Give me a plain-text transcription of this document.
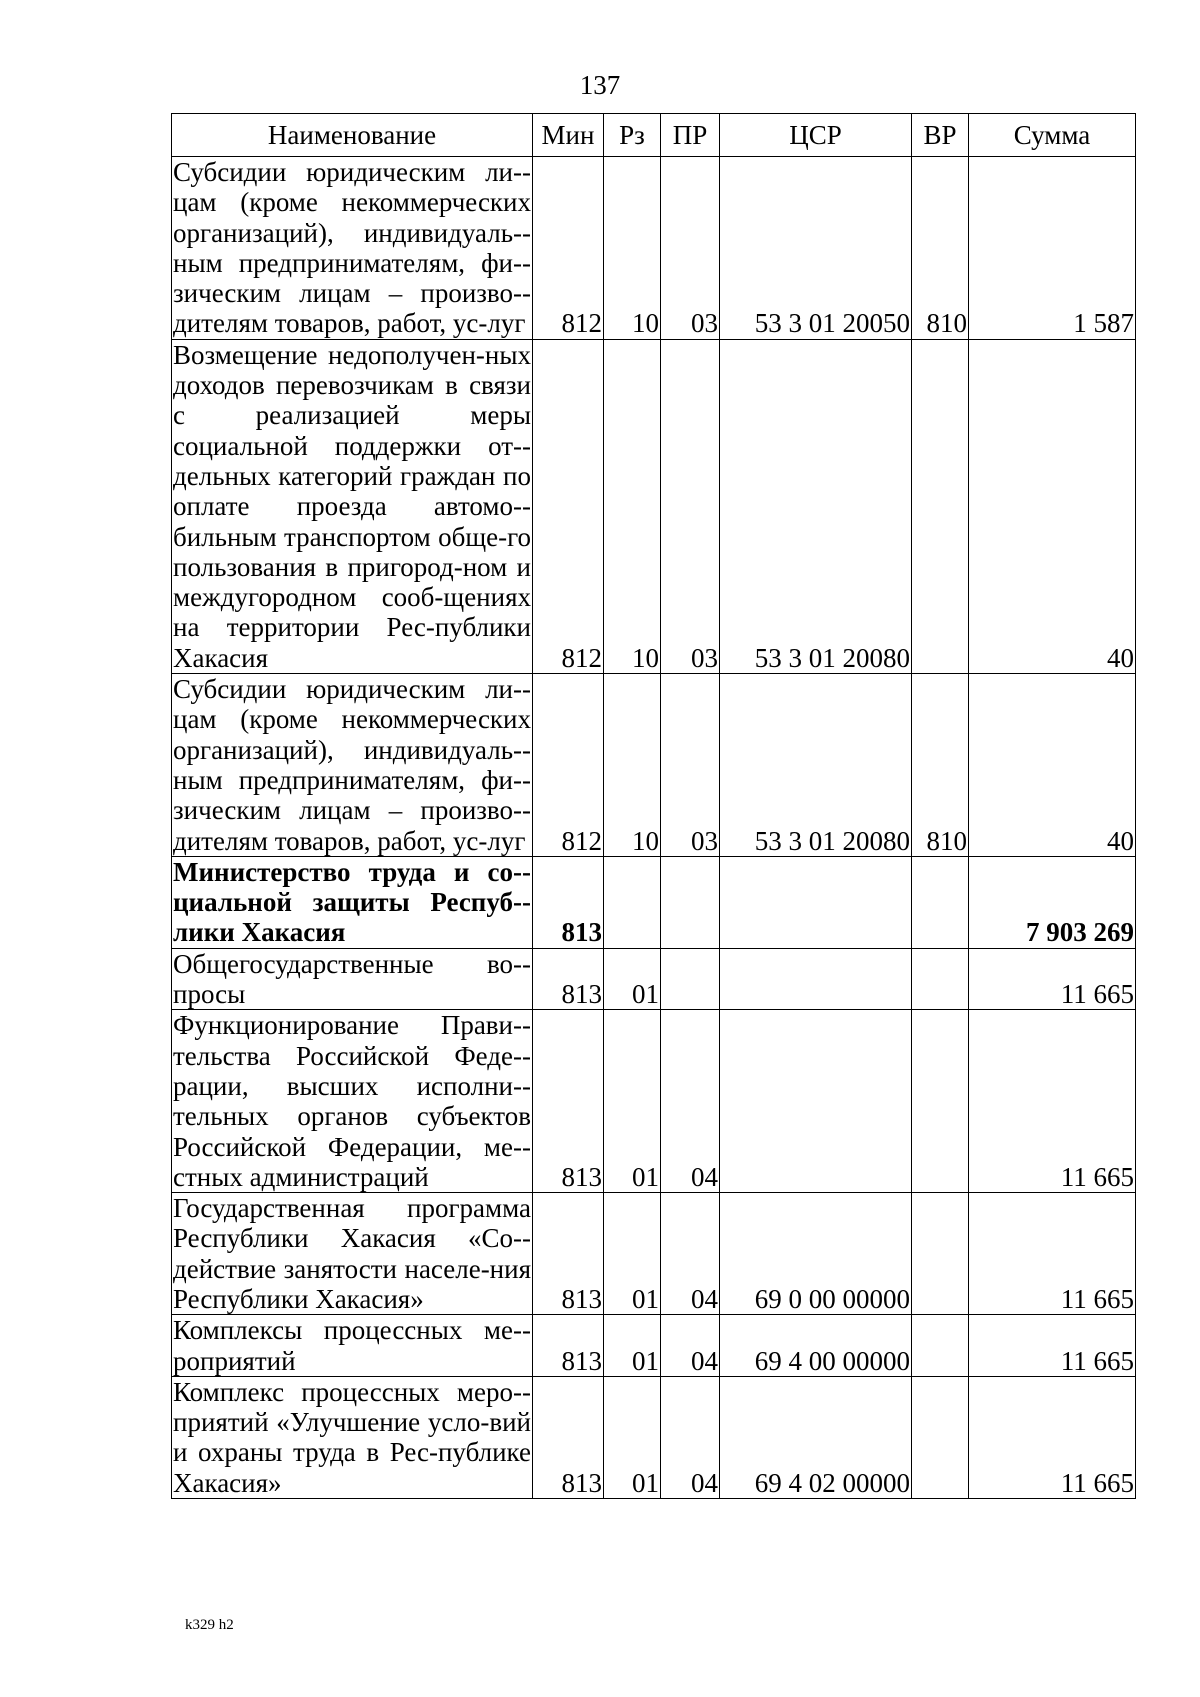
137
Наименование	Мин	Рз	ПР	ЦСР	ВР	Сумма
Субсидии юридическим ли-цам (кроме некоммерческих организаций), индивидуаль-ным предпринимателям, фи-зическим лицам – произво-дителям товаров, работ, ус-луг	812	10	03	53 3 01 20050	810	1 587
Возмещение недополучен-ных доходов перевозчикам в связи с реализацией меры социальной поддержки от-дельных категорий граждан по оплате проезда автомо-бильным транспортом обще-го пользования в пригород-ном и междугородном сооб-щениях на территории Рес-публики Хакасия	812	10	03	53 3 01 20080		40
Субсидии юридическим ли-цам (кроме некоммерческих организаций), индивидуаль-ным предпринимателям, фи-зическим лицам – произво-дителям товаров, работ, ус-луг	812	10	03	53 3 01 20080	810	40
Министерство труда и со-циальной защиты Респуб-лики Хакасия	813					7 903 269
Общегосударственные во-просы	813	01				11 665
Функционирование Прави-тельства Российской Феде-рации, высших исполни-тельных органов субъектов Российской Федерации, ме-стных администраций	813	01	04			11 665
Государственная программа Республики Хакасия «Со-действие занятости населе-ния Республики Хакасия»	813	01	04	69 0 00 00000		11 665
Комплексы процессных ме-роприятий	813	01	04	69 4 00 00000		11 665
Комплекс процессных меро-приятий «Улучшение усло-вий и охраны труда в Рес-публике Хакасия»	813	01	04	69 4 02 00000		11 665
k329 h2
